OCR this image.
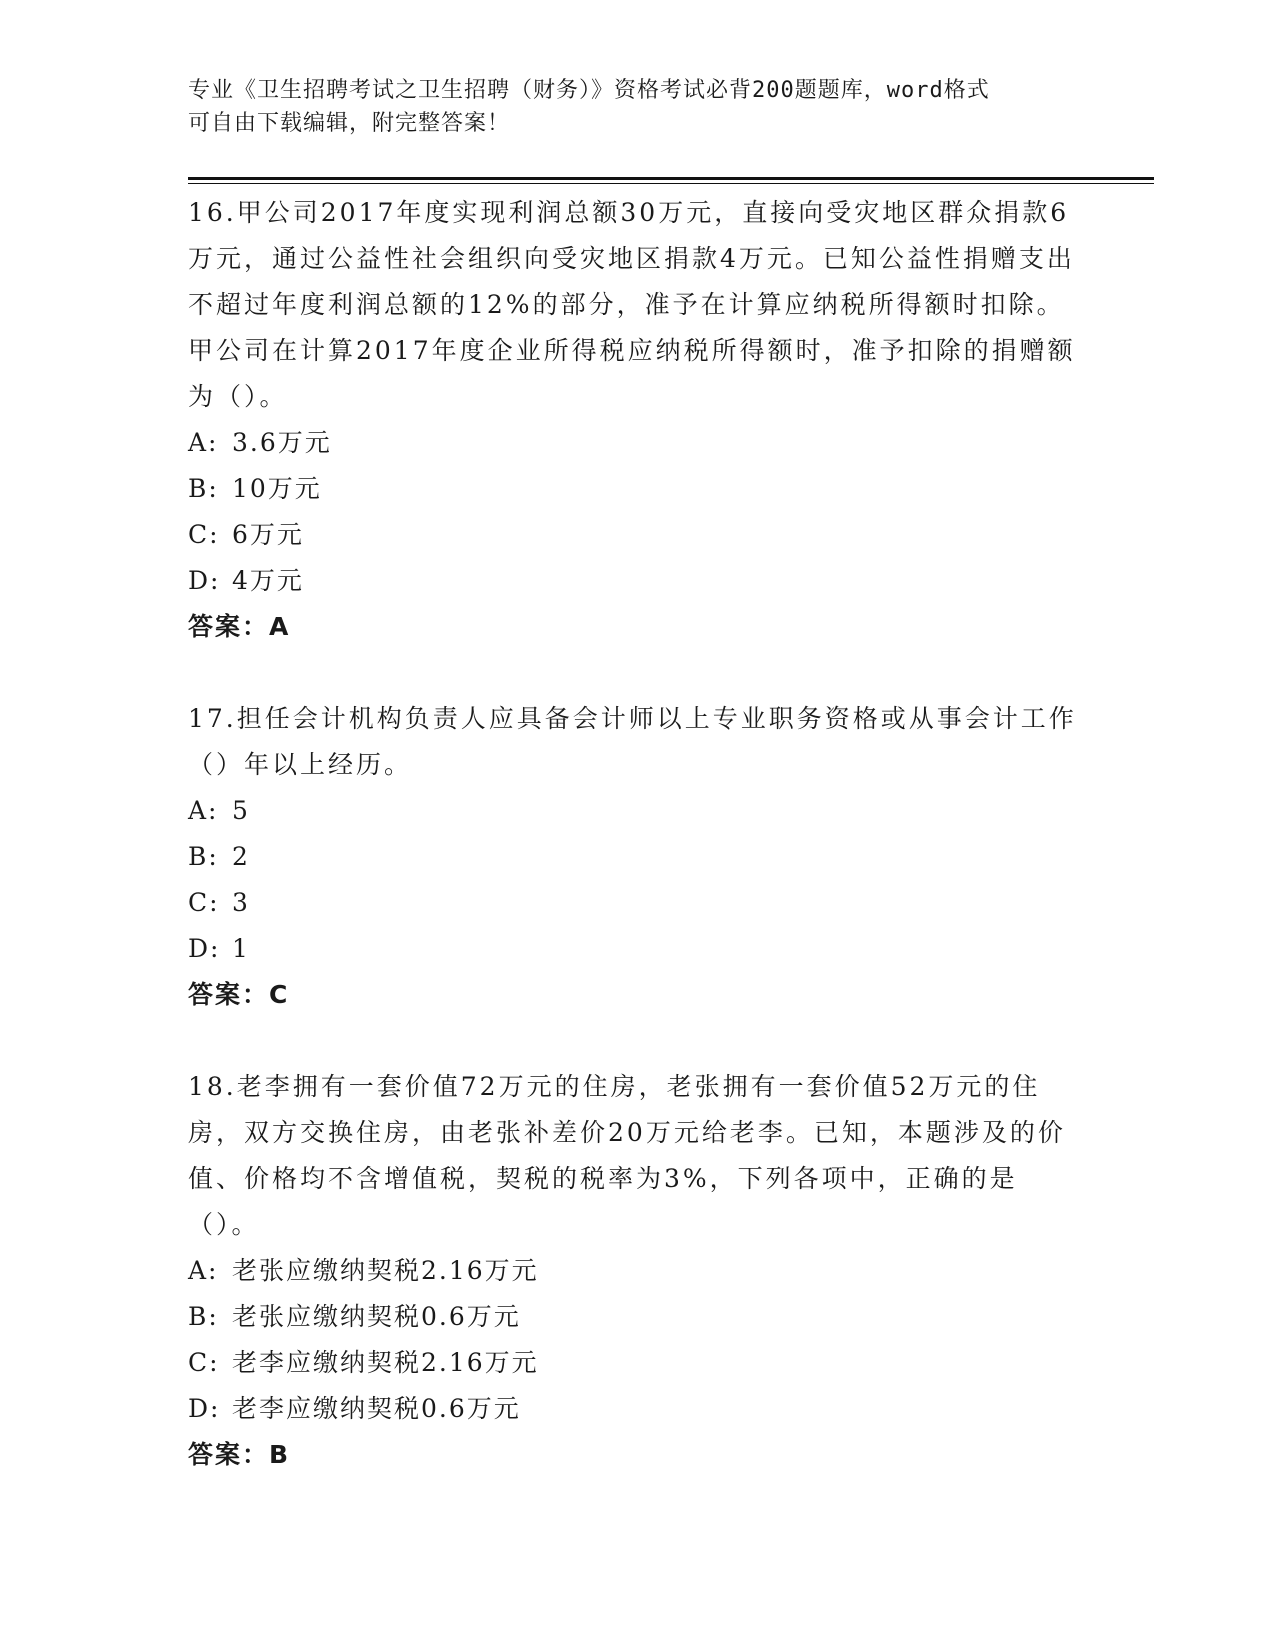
专业《卫生招聘考试之卫生招聘（财务）》资格考试必背200题题库，word格式
可自由下载编辑，附完整答案！

16.甲公司2017年度实现利润总额30万元，直接向受灾地区群众捐款6万元，通过公益性社会组织向受灾地区捐款4万元。已知公益性捐赠支出不超过年度利润总额的12%的部分，准予在计算应纳税所得额时扣除。甲公司在计算2017年度企业所得税应纳税所得额时，准予扣除的捐赠额为（）。

A: 3.6万元

B: 10万元

C: 6万元

D: 4万元

答案：A

17.担任会计机构负责人应具备会计师以上专业职务资格或从事会计工作（）年以上经历。

A: 5

B: 2

C: 3

D: 1

答案：C

18.老李拥有一套价值72万元的住房，老张拥有一套价值52万元的住房，双方交换住房，由老张补差价20万元给老李。已知，本题涉及的价值、价格均不含增值税，契税的税率为3%，下列各项中，正确的是（）。

A: 老张应缴纳契税2.16万元

B: 老张应缴纳契税0.6万元

C: 老李应缴纳契税2.16万元

D: 老李应缴纳契税0.6万元

答案：B
